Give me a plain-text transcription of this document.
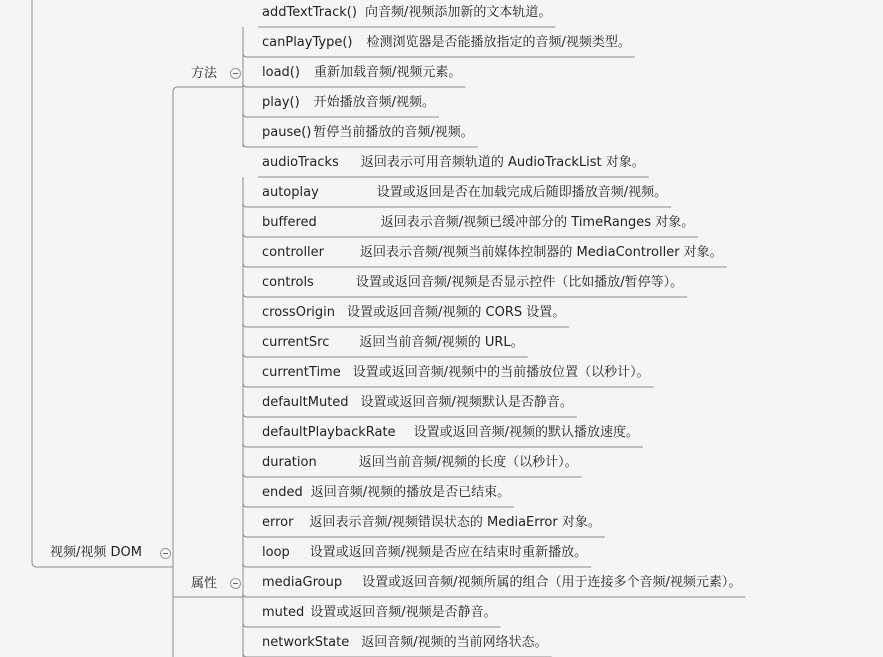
视频/视频 DOM
方法
属性
addTextTrack() 向音频/视频添加新的文本轨道。
canPlayType() 检测浏览器是否能播放指定的音频/视频类型。
load() 重新加载音频/视频元素。
play() 开始播放音频/视频。
pause() 暂停当前播放的音频/视频。
audioTracks 返回表示可用音频轨道的 AudioTrackList 对象。
autoplay	设置或返回是否在加载完成后随即播放音频/视频。
buffered	返回表示音频/视频已缓冲部分的 TimeRanges 对象。
controller	返回表示音频/视频当前媒体控制器的 MediaController 对象。
controls	设置或返回音频/视频是否显示控件（比如播放/暂停等）。
crossOrigin 设置或返回音频/视频的 CORS 设置。
currentSrc 返回当前音频/视频的 URL。
currentTime 设置或返回音频/视频中的当前播放位置（以秒计）。
defaultMuted 设置或返回音频/视频默认是否静音。
defaultPlaybackRate 设置或返回音频/视频的默认播放速度。
duration	返回当前音频/视频的长度（以秒计）。
ended 返回音频/视频的播放是否已结束。
error 返回表示音频/视频错误状态的 MediaError 对象。
loop 设置或返回音频/视频是否应在结束时重新播放。
mediaGroup 设置或返回音频/视频所属的组合（用于连接多个音频/视频元素）。
muted 设置或返回音频/视频是否静音。
networkState 返回音频/视频的当前网络状态。
